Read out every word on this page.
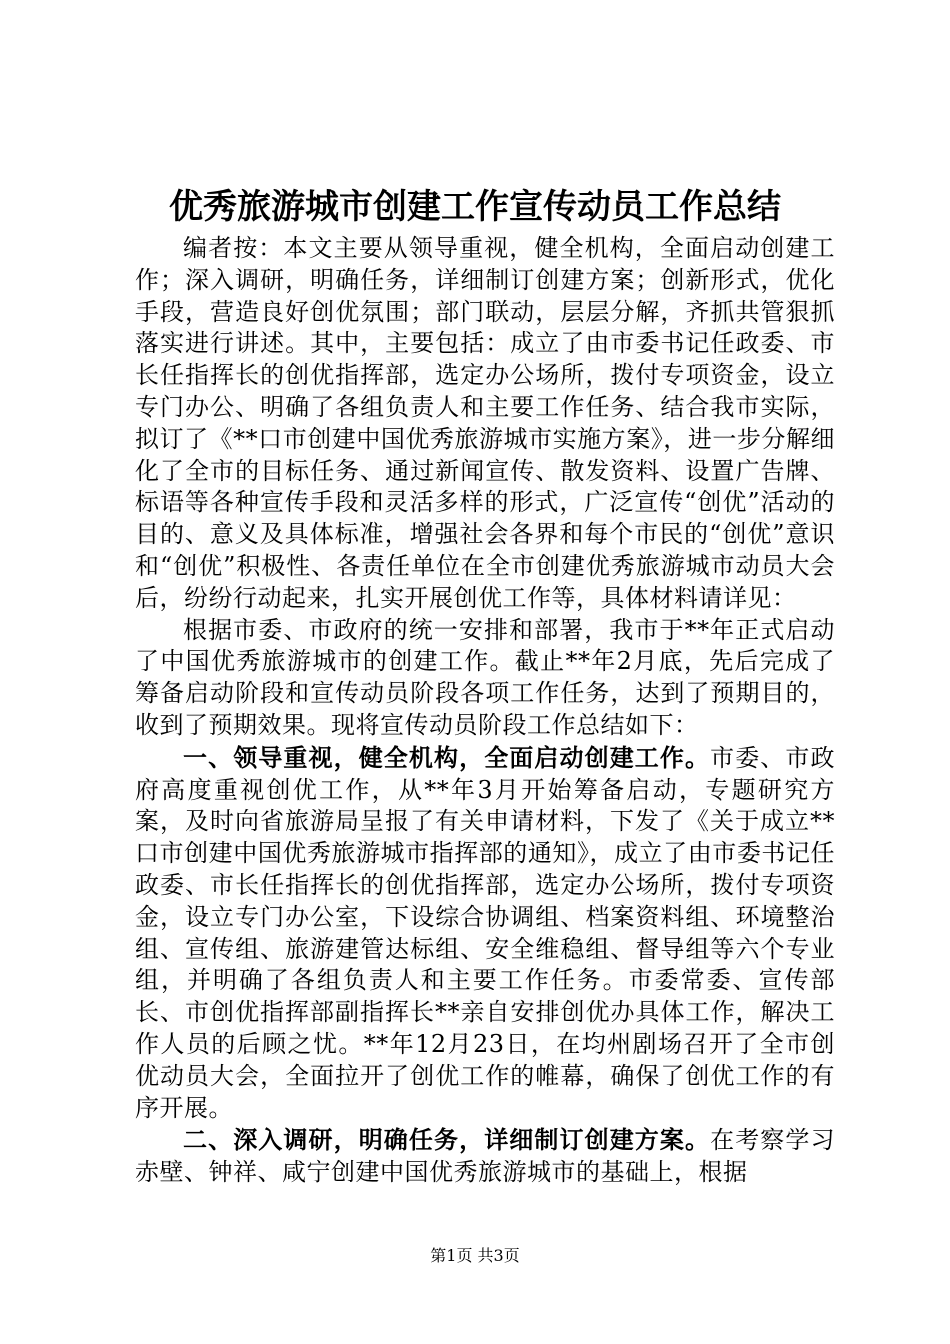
优秀旅游城市创建工作宣传动员工作总结

编者按：本文主要从领导重视，健全机构，全面启动创建工作；深入调研，明确任务，详细制订创建方案；创新形式，优化手段，营造良好创优氛围；部门联动，层层分解，齐抓共管狠抓落实进行讲述。其中，主要包括：成立了由市委书记任政委、市长任指挥长的创优指挥部，选定办公场所，拨付专项资金，设立专门办公、明确了各组负责人和主要工作任务、结合我市实际，拟订了《**口市创建中国优秀旅游城市实施方案》，进一步分解细化了全市的目标任务、通过新闻宣传、散发资料、设置广告牌、标语等各种宣传手段和灵活多样的形式，广泛宣传“创优”活动的目的、意义及具体标准，增强社会各界和每个市民的“创优”意识和“创优”积极性、各责任单位在全市创建优秀旅游城市动员大会后，纷纷行动起来，扎实开展创优工作等，具体材料请详见：

根据市委、市政府的统一安排和部署，我市于**年正式启动了中国优秀旅游城市的创建工作。截止**年2月底，先后完成了筹备启动阶段和宣传动员阶段各项工作任务，达到了预期目的，收到了预期效果。现将宣传动员阶段工作总结如下：

一、领导重视，健全机构，全面启动创建工作。市委、市政府高度重视创优工作，从**年3月开始筹备启动，专题研究方案，及时向省旅游局呈报了有关申请材料，下发了《关于成立**口市创建中国优秀旅游城市指挥部的通知》，成立了由市委书记任政委、市长任指挥长的创优指挥部，选定办公场所，拨付专项资金，设立专门办公室，下设综合协调组、档案资料组、环境整治组、宣传组、旅游建管达标组、安全维稳组、督导组等六个专业组，并明确了各组负责人和主要工作任务。市委常委、宣传部长、市创优指挥部副指挥长**亲自安排创优办具体工作，解决工作人员的后顾之忧。**年12月23日，在均州剧场召开了全市创优动员大会，全面拉开了创优工作的帷幕，确保了创优工作的有序开展。

二、深入调研，明确任务，详细制订创建方案。在考察学习赤壁、钟祥、咸宁创建中国优秀旅游城市的基础上，根据

第1页 共3页
